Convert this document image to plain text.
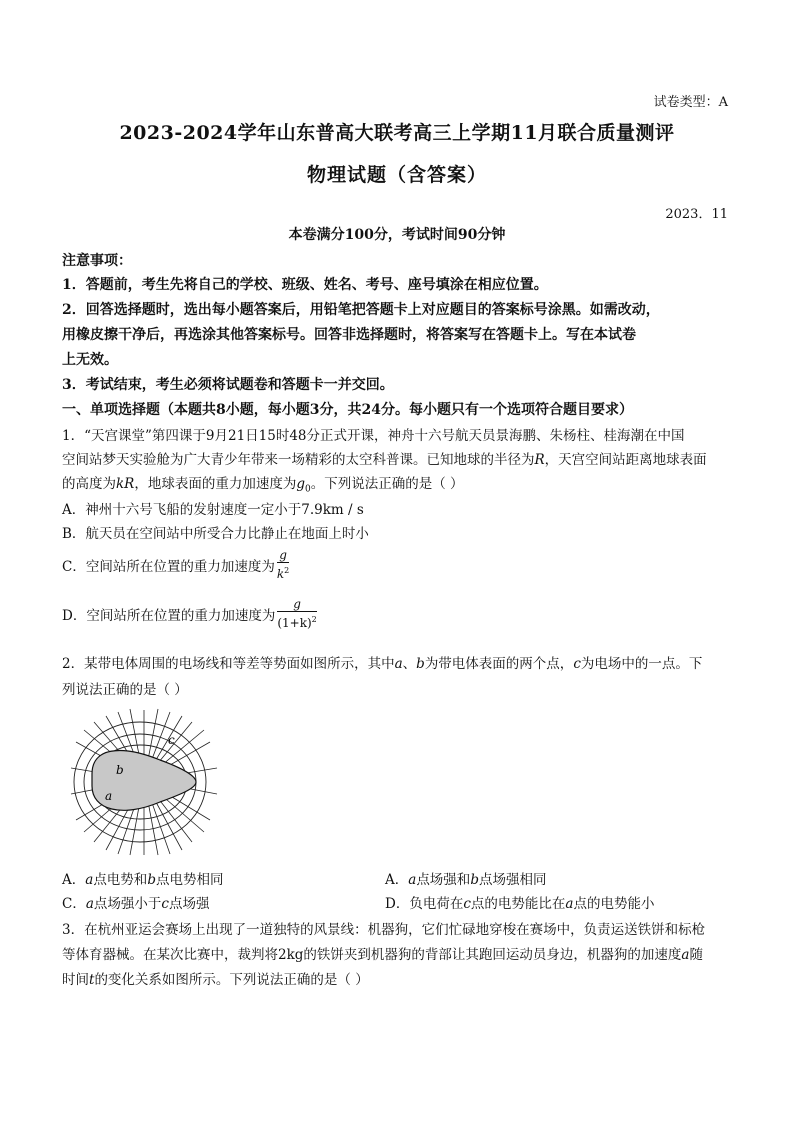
试卷类型：A
2023-2024学年山东普高大联考高三上学期11月联合质量测评
物理试题（含答案）
2023．11
本卷满分100分，考试时间90分钟
注意事项：
1．答题前，考生先将自己的学校、班级、姓名、考号、座号填涂在相应位置。
2．回答选择题时，选出每小题答案后，用铅笔把答题卡上对应题目的答案标号涂黑。如需改动，
用橡皮擦干净后，再选涂其他答案标号。回答非选择题时，将答案写在答题卡上。写在本试卷
上无效。
3．考试结束，考生必须将试题卷和答题卡一并交回。
一、单项选择题（本题共8小题，每小题3分，共24分。每小题只有一个选项符合题目要求）
1．“天宫课堂”第四课于9月21日15时48分正式开课，神舟十六号航天员景海鹏、朱杨柱、桂海潮在中国
空间站梦天实验舱为广大青少年带来一场精彩的太空科普课。已知地球的半径为R，天宫空间站距离地球表面
的高度为kR，地球表面的重力加速度为$g_0$。下列说法正确的是（ ）
A．神州十六号飞船的发射速度一定小于7.9km / s
B．航天员在空间站中所受合力比静止在地面上时小
C．空间站所在位置的重力加速度为 $\frac{g}{k^2}$
D．空间站所在位置的重力加速度为 $\frac{g}{(1+k)^2}$
2．某带电体周围的电场线和等差等势面如图所示，其中a、b为带电体表面的两个点，c为电场中的一点。下
列说法正确的是（ ）
b
a
c
A．a点电势和b点电势相同	A．a点场强和b点场强相同
C．a点场强小于c点场强	D．负电荷在c点的电势能比在a点的电势能小
3．在杭州亚运会赛场上出现了一道独特的风景线：机器狗，它们忙碌地穿梭在赛场中，负责运送铁饼和标枪
等体育器械。在某次比赛中，裁判将2kg的铁饼夹到机器狗的背部让其跑回运动员身边，机器狗的加速度a随
时间t的变化关系如图所示。下列说法正确的是（ ）
